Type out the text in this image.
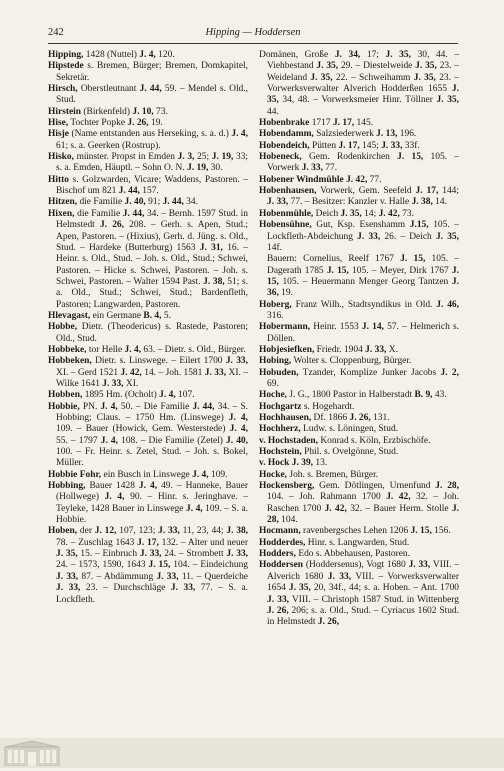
242	Hipping — Hoddersen

Hipping, 1428 (Nuttel) J. 4, 120.

Hipstede s. Bremen, Bürger; Bremen, Domkapitel, Sekretär.

Hirsch, Oberstleutnant J. 44, 59. – Mendel s. Old., Stud.

Hirstein (Birkenfeld) J. 10, 73.

Hise, Tochter Popke J. 26, 19.

Hisje (Name entstanden aus Herseking, s. a. d.) J. 4, 61; s. a. Geerken (Rostrup).

Hisko, münster. Propst in Emden J. 3, 25; J. 19, 33; s. a. Emden, Häuptl. – Sohn O. N. J. 19, 30.

Hitto s. Golzwarden, Vicare; Waddens, Pastoren. – Bischof um 821 J. 44, 157.

Hitzen, die Familie J. 40, 91; J. 44, 34.

Hixen, die Familie J. 44, 34. – Bernh. 1597 Stud. in Helmstedt J. 26, 208. – Gerh. s. Apen, Stud.; Apen, Pastoren. – (Hixius), Gerh. d. Jüng. s. Old., Stud. – Hardeke (Butterburg) 1563 J. 31, 16. – Heinr. s. Old., Stud. – Joh. s. Old., Stud.; Schwei, Pastoren. – Hicke s. Schwei, Pastoren. – Joh. s. Schwei, Pastoren. – Walter 1594 Past. J. 38, 51; s. a. Old., Stud.; Schwei, Stud.; Bardenfleth, Pastoren; Langwarden, Pastoren.

Hlevagast, ein Germane B. 4, 5.

Hobbe, Dietr. (Theodericus) s. Rastede, Pastoren; Old., Stud.

Hobbeke, tor Helle J. 4, 63. – Dietr. s. Old., Bürger.

Hobbeken, Dietr. s. Linswege. – Eilert 1700 J. 33, XI. – Gerd 1521 J. 42, 14. – Joh. 1581 J. 33, XI. – Wilke 1641 J. 33, XI.

Hobben, 1895 Hm. (Ocholt) J. 4, 107.

Hobbie, PN. J. 4, 50. – Die Familie J. 44, 34. – S. Hobbing; Claus. – 1750 Hm. (Linswege) J. 4, 109. – Bauer (Howick, Gem. Westerstede) J. 4, 55. – 1797 J. 4, 108. – Die Familie (Zetel) J. 40, 100. – Fr. Heinr. s. Zetel, Stud. – Joh. s. Bokel, Müller.

Hobbie Fohr, ein Busch in Linswege J. 4, 109.

Hobbing, Bauer 1428 J. 4, 49. – Hanneke, Bauer (Hollwege) J. 4, 90. – Hinr. s. Jeringhave. – Teyleke, 1428 Bauer in Linswege J. 4, 109. – S. a. Hobbie.

Hoben, der J. 12, 107, 123; J. 33, 11, 23, 44; J. 38, 78. – Zuschlag 1643 J. 17, 132. – Alter und neuer J. 35, 15. – Einbruch J. 33, 24. – Strombett J. 33, 24. – 1573, 1590, 1643 J. 15, 104. – Eindeichung J. 33, 87. – Abdämmung J. 33, 11. – Querdeiche J. 33, 23. – Durchschläge J. 33, 77. – S. a. Lockfleth.

Domänen, Große J. 34, 17; J. 35, 30, 44. – Viehbestand J. 35, 29. – Diestelweide J. 35, 23. – Weideland J. 35, 22. – Schweihamm J. 35, 23. – Vorwerksverwalter Alverich Hodderßen 1655 J. 35, 34, 48. – Vorwerksmeier Hinr. Töllner J. 35, 44.

Hobenbrake 1717 J. 17, 145.

Hobendamm, Salzsiederwerk J. 13, 196.

Hobendeich, Pütten J. 17, 145; J. 33, 33f.

Hobeneck, Gem. Rodenkirchen J. 15, 105. – Vorwerk J. 33, 77.

Hobener Windmühle J. 42, 77.

Hobenhausen, Vorwerk, Gem. Seefeld J. 17, 144; J. 33, 77. – Besitzer: Kanzler v. Halle J. 38, 14.

Hobenmühle, Deich J. 35, 14; J. 42, 73.

Hobensühne, Gut, Ksp. Esenshamm J.15, 105. – Lockfleth-Abdeichung J. 33, 26. – Deich J. 35, 14f.
Bauern: Cornelius, Reelf 1767 J. 15, 105. – Dagerath 1785 J. 15, 105. – Meyer, Dirk 1767 J. 15, 105. – Heuermann Menger Georg Tantzen J. 36, 19.

Hoberg, Franz Wilh., Stadtsyndikus in Old. J. 46, 316.

Hobermann, Heinr. 1553 J. 14, 57. – Helmerich s. Döllen.

Hobjesiefken, Friedr. 1904 J. 33, X.

Hobing, Wolter s. Cloppenburg, Bürger.

Hobuden, Tzander, Komplize Junker Jacobs J. 2, 69.

Hoche, J. G., 1800 Pastor in Halberstadt B. 9, 43.

Hochgartz s. Hogehardt.

Hochhausen, Df. 1866 J. 26, 131.

Hochherz, Ludw. s. Löningen, Stud.

v. Hochstaden, Konrad s. Köln, Erzbischöfe.

Hochstein, Phil. s. Ovelgönne, Stud.

v. Hock J. 39, 13.

Hocke, Joh. s. Bremen, Bürger.

Hockensberg, Gem. Dötlingen, Urnenfund J. 28, 104. – Joh. Rahmann 1700 J. 42, 32. – Joh. Raschen 1700 J. 42, 32. – Bauer Herm. Stolle J. 28, 104.

Hocmann, ravenbergsches Lehen 1206 J. 15, 156.

Hodderdes, Hinr. s. Langwarden, Stud.

Hodders, Edo s. Abbehausen, Pastoren.

Hoddersen (Hoddersenus), Vogt 1680 J. 33, VIII. – Alverich 1680 J. 33, VIII. – Vorwerksverwalter 1654 J. 35, 20, 34f., 44; s. a. Hoben. – Ant. 1700 J. 33, VIII. – Christoph 1587 Stud. in Wittenberg J. 26, 206; s. a. Old., Stud. – Cyriacus 1602 Stud. in Helmstedt J. 26,
